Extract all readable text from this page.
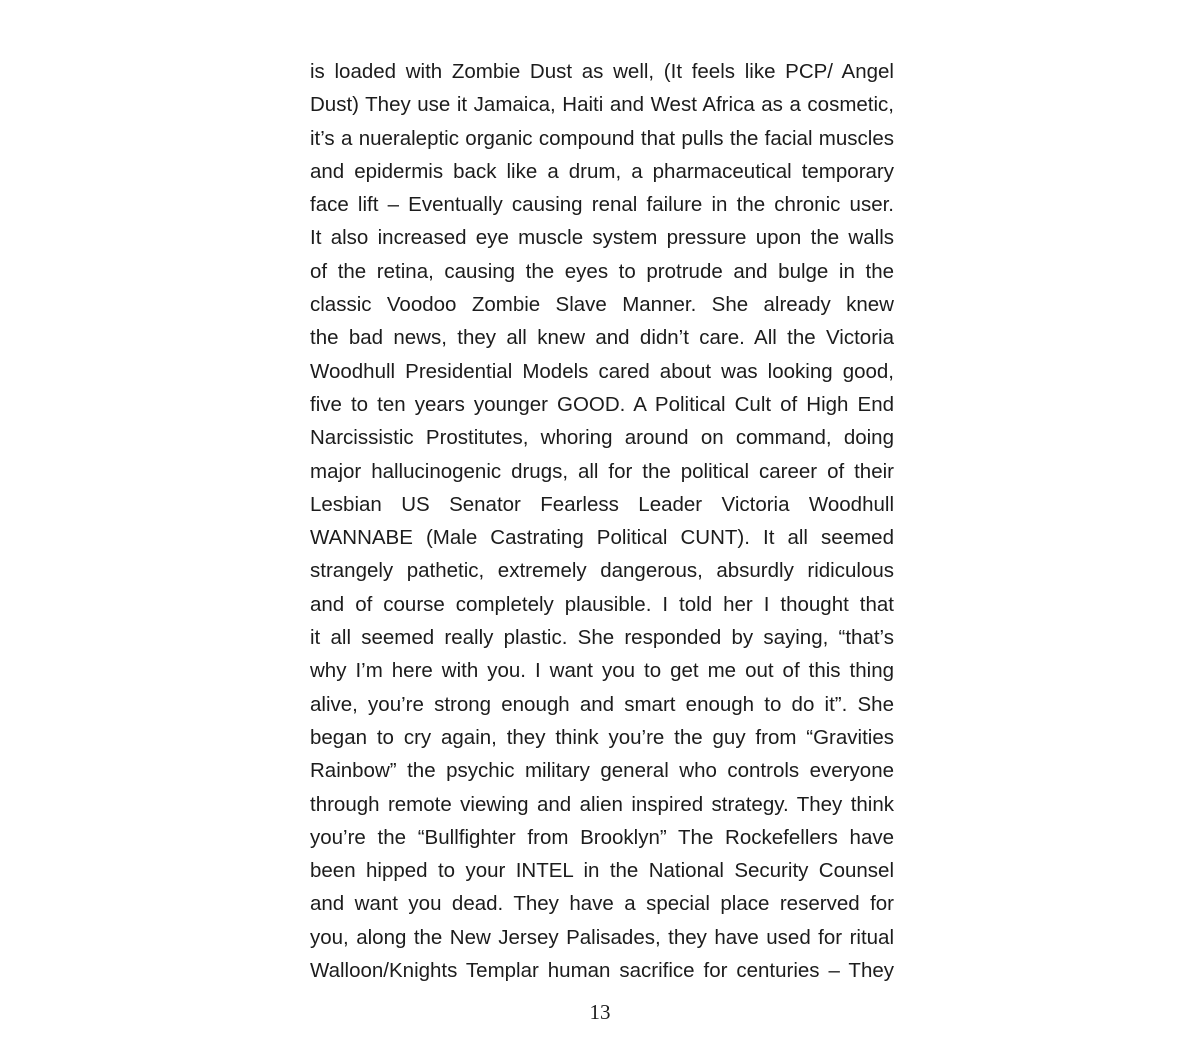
is loaded with Zombie Dust as well, (It feels like PCP/ Angel
Dust) They use it Jamaica, Haiti and West Africa as a cosmetic,
it’s a nueraleptic organic compound that pulls the facial muscles
and epidermis back like a drum, a pharmaceutical temporary
face lift – Eventually causing renal failure in the chronic user.
It also increased eye muscle system pressure upon the walls
of the retina, causing the eyes to protrude and bulge in the
classic Voodoo Zombie Slave Manner. She already knew
the bad news, they all knew and didn’t care. All the Victoria
Woodhull Presidential Models cared about was looking good,
five to ten years younger GOOD. A Political Cult of High End
Narcissistic Prostitutes, whoring around on command, doing
major hallucinogenic drugs, all for the political career of their
Lesbian US Senator Fearless Leader Victoria Woodhull
WANNABE (Male Castrating Political CUNT). It all seemed
strangely pathetic, extremely dangerous, absurdly ridiculous
and of course completely plausible. I told her I thought that
it all seemed really plastic. She responded by saying, “that’s
why I’m here with you. I want you to get me out of this thing
alive, you’re strong enough and smart enough to do it”. She
began to cry again, they think you’re the guy from “Gravities
Rainbow” the psychic military general who controls everyone
through remote viewing and alien inspired strategy. They think
you’re the “Bullfighter from Brooklyn” The Rockefellers have
been hipped to your INTEL in the National Security Counsel
and want you dead. They have a special place reserved for
you, along the New Jersey Palisades, they have used for ritual
Walloon/Knights Templar human sacrifice for centuries – They
13
